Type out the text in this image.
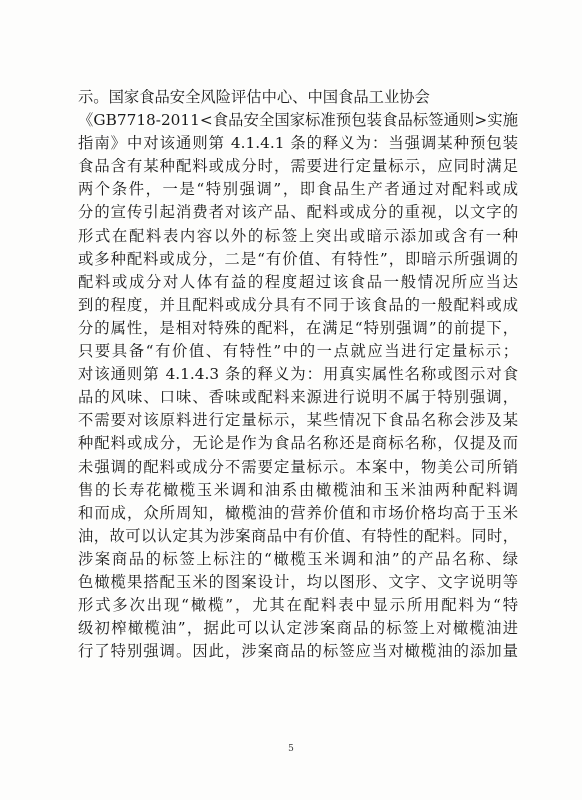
示。国家食品安全风险评估中心、中国食品工业协会
《GB7718-2011<食品安全国家标准预包装食品标签通则>实施
指南》中对该通则第 4.1.4.1 条的释义为：当强调某种预包装
食品含有某种配料或成分时，需要进行定量标示，应同时满足
两个条件，一是“特别强调”，即食品生产者通过对配料或成
分的宣传引起消费者对该产品、配料或成分的重视，以文字的
形式在配料表内容以外的标签上突出或暗示添加或含有一种
或多种配料或成分，二是“有价值、有特性”，即暗示所强调的
配料或成分对人体有益的程度超过该食品一般情况所应当达
到的程度，并且配料或成分具有不同于该食品的一般配料或成
分的属性，是相对特殊的配料，在满足“特别强调”的前提下，
只要具备“有价值、有特性”中的一点就应当进行定量标示；
对该通则第 4.1.4.3 条的释义为：用真实属性名称或图示对食
品的风味、口味、香味或配料来源进行说明不属于特别强调，
不需要对该原料进行定量标示，某些情况下食品名称会涉及某
种配料或成分，无论是作为食品名称还是商标名称，仅提及而
未强调的配料或成分不需要定量标示。本案中，物美公司所销
售的长寿花橄榄玉米调和油系由橄榄油和玉米油两种配料调
和而成，众所周知，橄榄油的营养价值和市场价格均高于玉米
油，故可以认定其为涉案商品中有价值、有特性的配料。同时，
涉案商品的标签上标注的“橄榄玉米调和油”的产品名称、绿
色橄榄果搭配玉米的图案设计，均以图形、文字、文字说明等
形式多次出现“橄榄”，尤其在配料表中显示所用配料为“特
级初榨橄榄油”，据此可以认定涉案商品的标签上对橄榄油进
行了特别强调。因此，涉案商品的标签应当对橄榄油的添加量
5
